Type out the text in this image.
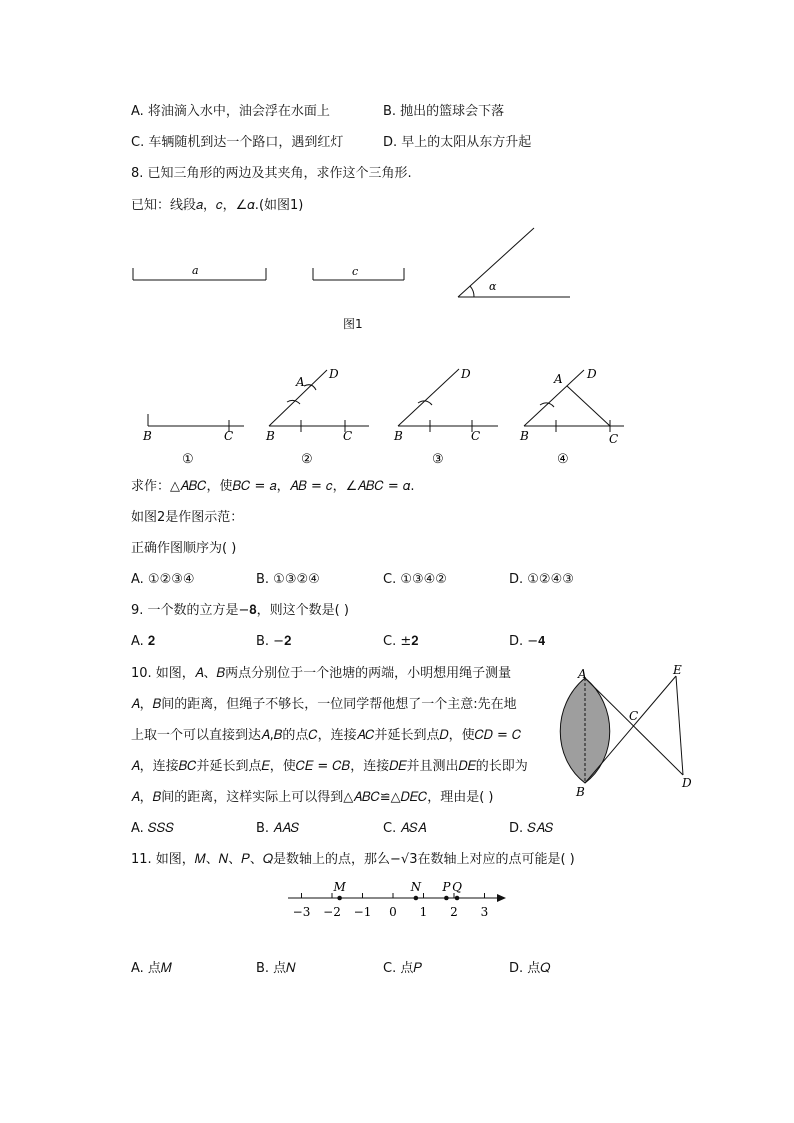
A. 将油滴入水中，油会浮在水面上	B. 抛出的篮球会下落
C. 车辆随机到达一个路口，遇到红灯	D. 早上的太阳从东方升起
8. 已知三角形的两边及其夹角，求作这个三角形.
已知：线段𝑎，𝑐，∠𝛼.(如图1)
a	c
α
图1
B	C
①
A
D
B	C
②
D
B	C
③
A D
B	C
④
求作：△𝐴𝐵𝐶，使𝐵𝐶 = 𝑎，𝐴𝐵 = 𝑐，∠𝐴𝐵𝐶 = 𝛼.
如图2是作图示范：
正确作图顺序为( )
A. ①②③④	B. ①③②④	C. ①③④②	D. ①②④③
9. 一个数的立方是−𝟖，则这个数是( )
A. 𝟐	B. −𝟐	C. ±𝟐	D. −𝟒
10. 如图，𝐴、𝐵两点分别位于一个池塘的两端，小明想用绳子测量
𝐴，𝐵间的距离，但绳子不够长，一位同学帮他想了一个主意:先在地
上取一个可以直接到达𝐴,𝐵的点𝐶，连接𝐴𝐶并延长到点𝐷，使𝐶𝐷 = 𝐶
𝐴，连接𝐵𝐶并延长到点𝐸，使𝐶𝐸 = 𝐶𝐵，连接𝐷𝐸并且测出𝐷𝐸的长即为
𝐴，𝐵间的距离，这样实际上可以得到△𝐴𝐵𝐶≌△𝐷𝐸𝐶，理由是( )
A
B
C
D
E
A. 𝑆𝑆𝑆	B. 𝐴𝐴𝑆	C. 𝐴𝑆𝐴	D. 𝑆𝐴𝑆
11. 如图，𝑀、𝑁、𝑃、𝑄是数轴上的点，那么−√3在数轴上对应的点可能是( )
−3 −2 −1 0 1 2 3
M	N P Q
A. 点𝑀	B. 点𝑁	C. 点𝑃	D. 点𝑄
